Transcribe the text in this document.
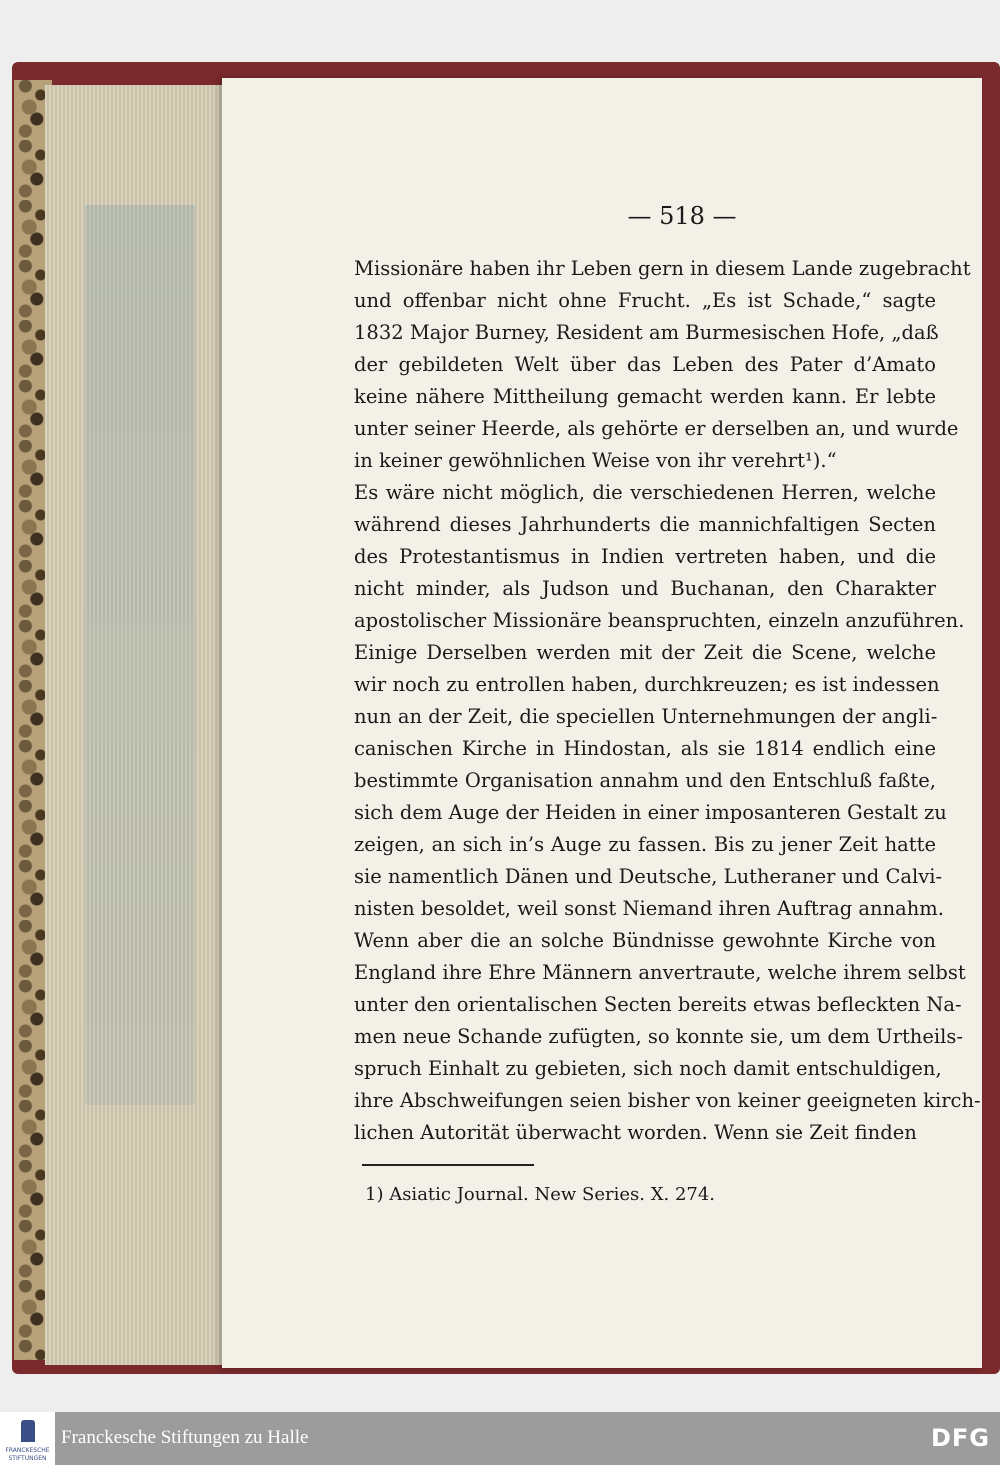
— 518 —
Missionäre haben ihr Leben gern in diesem Lande zugebracht
und offenbar nicht ohne Frucht. „Es ist Schade,“ sagte
1832 Major Burney, Resident am Burmesischen Hofe, „daß
der gebildeten Welt über das Leben des Pater d’Amato
keine nähere Mittheilung gemacht werden kann. Er lebte
unter seiner Heerde, als gehörte er derselben an, und wurde
in keiner gewöhnlichen Weise von ihr verehrt¹).“
Es wäre nicht möglich, die verschiedenen Herren, welche
während dieses Jahrhunderts die mannichfaltigen Secten
des Protestantismus in Indien vertreten haben, und die
nicht minder, als Judson und Buchanan, den Charakter
apostolischer Missionäre beanspruchten, einzeln anzuführen.
Einige Derselben werden mit der Zeit die Scene, welche
wir noch zu entrollen haben, durchkreuzen; es ist indessen
nun an der Zeit, die speciellen Unternehmungen der angli-
canischen Kirche in Hindostan, als sie 1814 endlich eine
bestimmte Organisation annahm und den Entschluß faßte,
sich dem Auge der Heiden in einer imposanteren Gestalt zu
zeigen, an sich in’s Auge zu fassen. Bis zu jener Zeit hatte
sie namentlich Dänen und Deutsche, Lutheraner und Calvi-
nisten besoldet, weil sonst Niemand ihren Auftrag annahm.
Wenn aber die an solche Bündnisse gewohnte Kirche von
England ihre Ehre Männern anvertraute, welche ihrem selbst
unter den orientalischen Secten bereits etwas befleckten Na-
men neue Schande zufügten, so konnte sie, um dem Urtheils-
spruch Einhalt zu gebieten, sich noch damit entschuldigen,
ihre Abschweifungen seien bisher von keiner geeigneten kirch-
lichen Autorität überwacht worden. Wenn sie Zeit finden
1) Asiatic Journal. New Series. X. 274.
FRANCKESCHE
STIFTUNGEN
Franckesche Stiftungen zu Halle	DFG
